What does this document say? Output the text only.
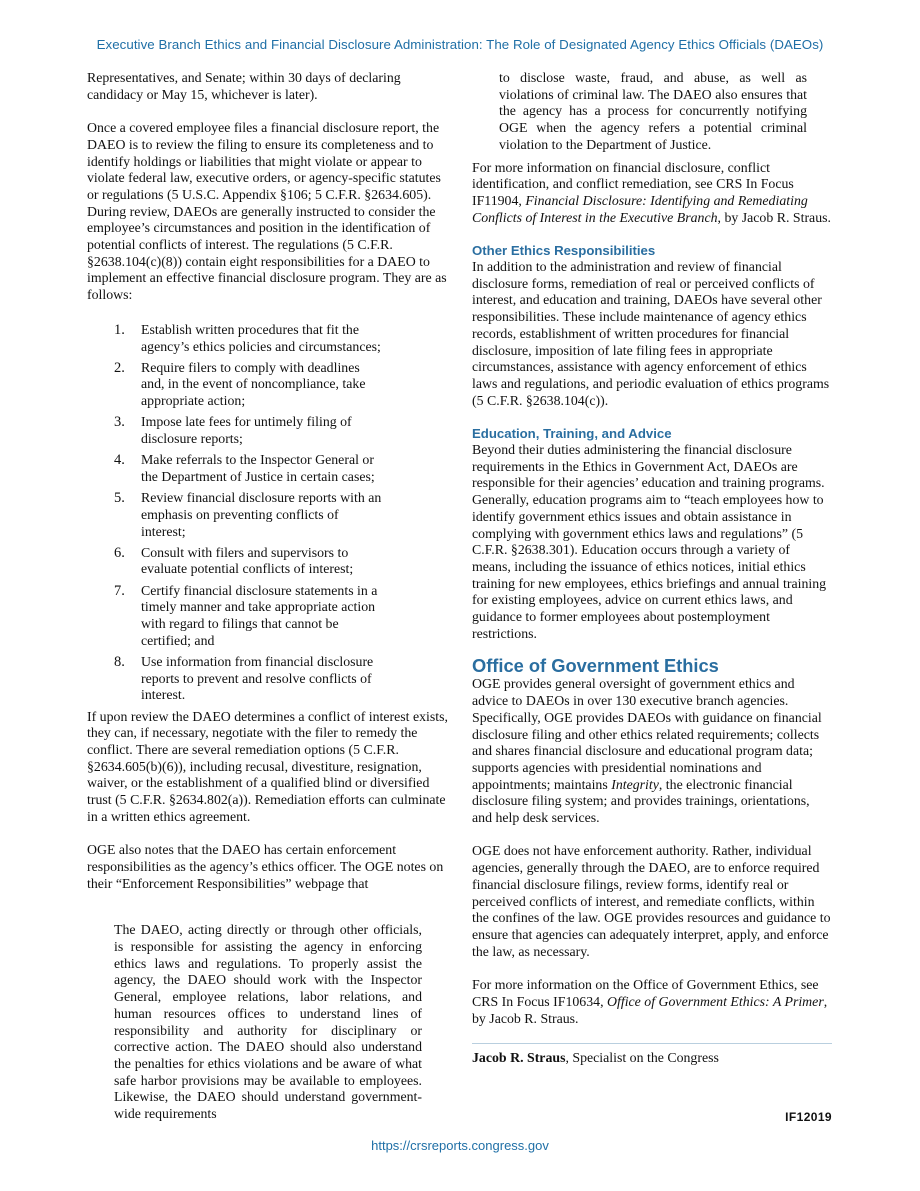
Executive Branch Ethics and Financial Disclosure Administration: The Role of Designated Agency Ethics Officials (DAEOs)

Representatives, and Senate; within 30 days of declaring candidacy or May 15, whichever is later).

Once a covered employee files a financial disclosure report, the DAEO is to review the filing to ensure its completeness and to identify holdings or liabilities that might violate or appear to violate federal law, executive orders, or agency-specific statutes or regulations (5 U.S.C. Appendix §106; 5 C.F.R. §2634.605). During review, DAEOs are generally instructed to consider the employee’s circumstances and position in the identification of potential conflicts of interest. The regulations (5 C.F.R. §2638.104(c)(8)) contain eight responsibilities for a DAEO to implement an effective financial disclosure program. They are as follows:

1. Establish written procedures that fit the agency’s ethics policies and circumstances;
2. Require filers to comply with deadlines and, in the event of noncompliance, take appropriate action;
3. Impose late fees for untimely filing of disclosure reports;
4. Make referrals to the Inspector General or the Department of Justice in certain cases;
5. Review financial disclosure reports with an emphasis on preventing conflicts of interest;
6. Consult with filers and supervisors to evaluate potential conflicts of interest;
7. Certify financial disclosure statements in a timely manner and take appropriate action with regard to filings that cannot be certified; and
8. Use information from financial disclosure reports to prevent and resolve conflicts of interest.

If upon review the DAEO determines a conflict of interest exists, they can, if necessary, negotiate with the filer to remedy the conflict. There are several remediation options (5 C.F.R. §2634.605(b)(6)), including recusal, divestiture, resignation, waiver, or the establishment of a qualified blind or diversified trust (5 C.F.R. §2634.802(a)). Remediation efforts can culminate in a written ethics agreement.

OGE also notes that the DAEO has certain enforcement responsibilities as the agency’s ethics officer. The OGE notes on their “Enforcement Responsibilities” webpage that

The DAEO, acting directly or through other officials, is responsible for assisting the agency in enforcing ethics laws and regulations. To properly assist the agency, the DAEO should work with the Inspector General, employee relations, labor relations, and human resources offices to understand lines of responsibility and authority for disciplinary or corrective action. The DAEO should also understand the penalties for ethics violations and be aware of what safe harbor provisions may be available to employees. Likewise, the DAEO should understand government-wide requirements

to disclose waste, fraud, and abuse, as well as violations of criminal law. The DAEO also ensures that the agency has a process for concurrently notifying OGE when the agency refers a potential criminal violation to the Department of Justice.

For more information on financial disclosure, conflict identification, and conflict remediation, see CRS In Focus IF11904, Financial Disclosure: Identifying and Remediating Conflicts of Interest in the Executive Branch, by Jacob R. Straus.

Other Ethics Responsibilities

In addition to the administration and review of financial disclosure forms, remediation of real or perceived conflicts of interest, and education and training, DAEOs have several other responsibilities. These include maintenance of agency ethics records, establishment of written procedures for financial disclosure, imposition of late filing fees in appropriate circumstances, assistance with agency enforcement of ethics laws and regulations, and periodic evaluation of ethics programs (5 C.F.R. §2638.104(c)).

Education, Training, and Advice

Beyond their duties administering the financial disclosure requirements in the Ethics in Government Act, DAEOs are responsible for their agencies’ education and training programs. Generally, education programs aim to “teach employees how to identify government ethics issues and obtain assistance in complying with government ethics laws and regulations” (5 C.F.R. §2638.301). Education occurs through a variety of means, including the issuance of ethics notices, initial ethics training for new employees, ethics briefings and annual training for existing employees, advice on current ethics laws, and guidance to former employees about postemployment restrictions.

Office of Government Ethics

OGE provides general oversight of government ethics and advice to DAEOs in over 130 executive branch agencies. Specifically, OGE provides DAEOs with guidance on financial disclosure filing and other ethics related requirements; collects and shares financial disclosure and educational program data; supports agencies with presidential nominations and appointments; maintains Integrity, the electronic financial disclosure filing system; and provides trainings, orientations, and help desk services.

OGE does not have enforcement authority. Rather, individual agencies, generally through the DAEO, are to enforce required financial disclosure filings, review forms, identify real or perceived conflicts of interest, and remediate conflicts, within the confines of the law. OGE provides resources and guidance to ensure that agencies can adequately interpret, apply, and enforce the law, as necessary.

For more information on the Office of Government Ethics, see CRS In Focus IF10634, Office of Government Ethics: A Primer, by Jacob R. Straus.

Jacob R. Straus, Specialist on the Congress

IF12019
https://crsreports.congress.gov
